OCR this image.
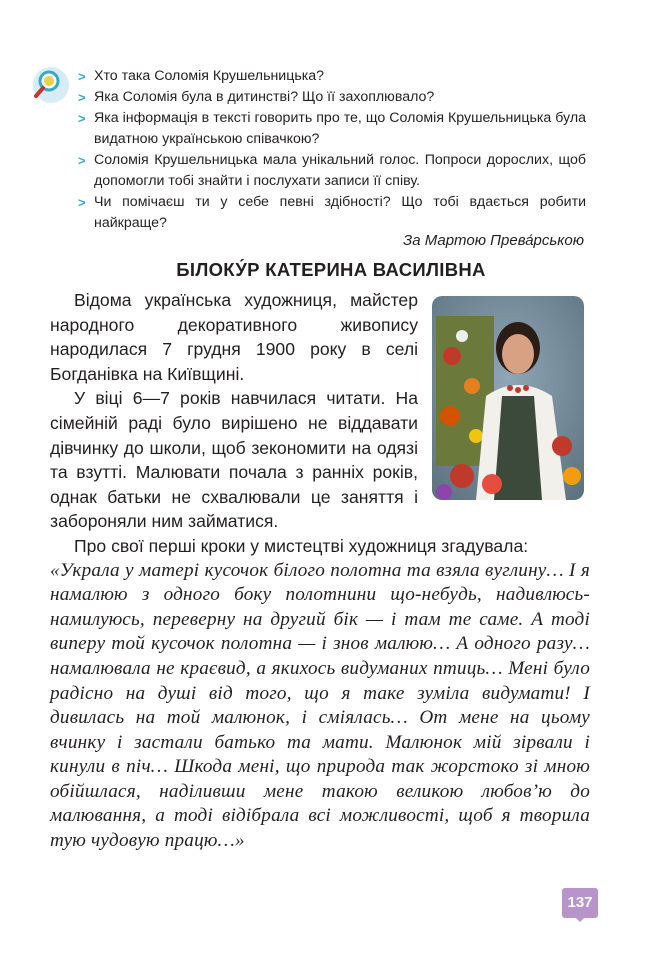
> Хто така Соломія Крушельницька?
> Яка Соломія була в дитинстві? Що її захоплювало?
> Яка інформація в тексті говорить про те, що Соломія Крушельницька була видатною українською співачкою?
> Соломія Крушельницька мала унікальний голос. Попроси дорослих, щоб допомогли тобі знайти і послухати записи її співу.
> Чи помічаєш ти у себе певні здібності? Що тобі вдається робити найкраще?
За Мартою Прева́рською
БІЛОКУ́Р КАТЕРИНА ВАСИЛІВНА

Відома українська художниця, майстер народного декоративного живопису народилася 7 грудня 1900 року в селі Богданівка на Київщині.

У віці 6—7 років навчилася читати. На сімейній раді було вирішено не віддавати дівчинку до школи, щоб зекономити на одязі та взутті. Малювати почала з ранніх років, однак батьки не схвалювали це заняття і забороняли ним займатися.

Про свої перші кроки у мистецтві художниця згадувала:

«Украла у матері кусочок білого полотна та взяла вуглину… І я намалюю з одного боку полотнини що-небудь, надивлюсь-намилуюсь, переверну на другий бік — і там те саме. А тоді випеpу той кусочок полотна — і знов малюю… А одного разу… намалювала не краєвид, а якихось видуманих птиць… Мені було радісно на душі від того, що я таке зуміла видумати! І дивилась на той малюнок, і сміялась… От мене на цьому вчинку і застали батько та мати. Малюнок мій зірвали і кинули в піч… Шкода мені, що природа так жорстоко зі мною обійшлася, наділивши мене такою великою любов’ю до малювання, а тоді відібрала всі можливості, щоб я творила тую чудовую працю…»

137
